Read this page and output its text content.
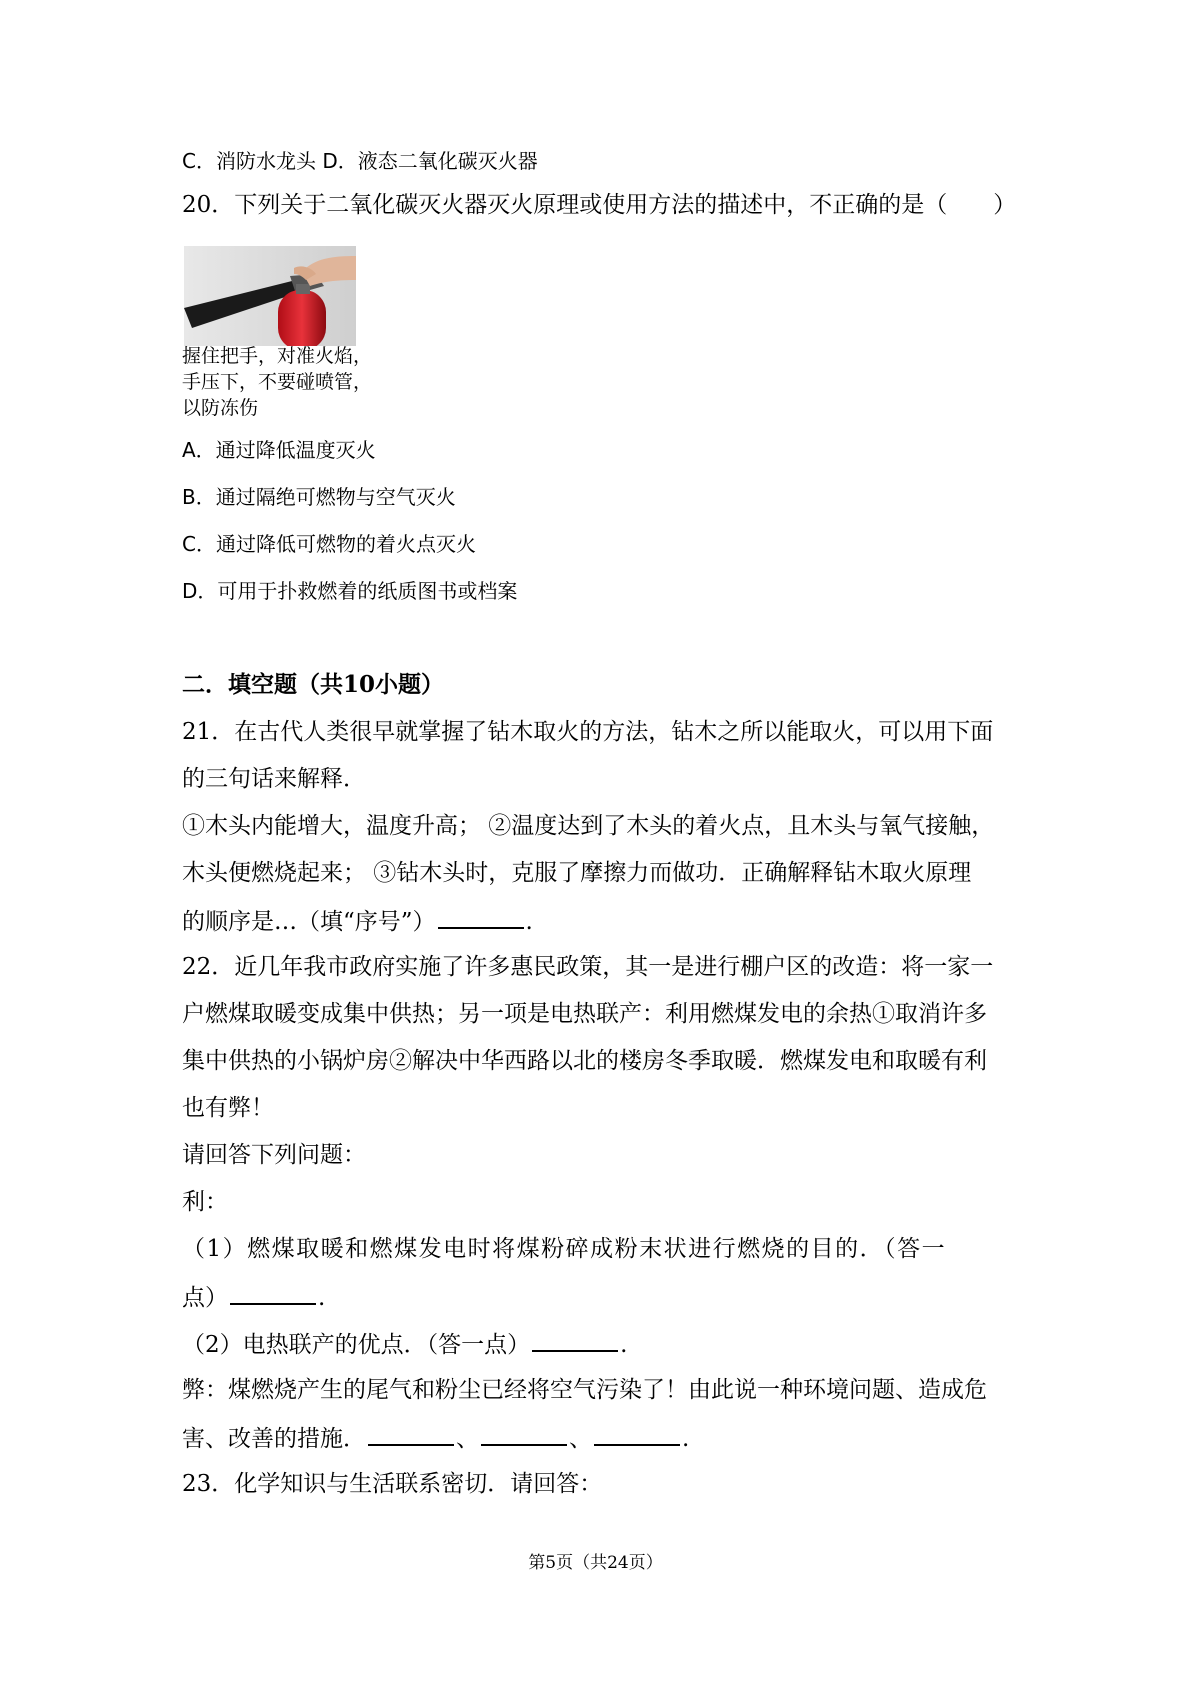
C．消防水龙头 D．液态二氧化碳灭火器
20．下列关于二氧化碳灭火器灭火原理或使用方法的描述中，不正确的是（　　）
握住把手，对准火焰，
手压下，不要碰喷管，
以防冻伤
A．通过降低温度灭火
B．通过隔绝可燃物与空气灭火
C．通过降低可燃物的着火点灭火
D．可用于扑救燃着的纸质图书或档案
二．填空题（共10小题）
21．在古代人类很早就掌握了钻木取火的方法，钻木之所以能取火，可以用下面
的三句话来解释．
①木头内能增大，温度升高； ②温度达到了木头的着火点，且木头与氧气接触，
木头便燃烧起来； ③钻木头时，克服了摩擦力而做功．正确解释钻木取火原理
的顺序是…（填“序号”）	.
22．近几年我市政府实施了许多惠民政策，其一是进行棚户区的改造：将一家一
户燃煤取暖变成集中供热；另一项是电热联产：利用燃煤发电的余热①取消许多
集中供热的小锅炉房②解决中华西路以北的楼房冬季取暖．燃煤发电和取暖有利
也有弊！
请回答下列问题：
利：
（1）燃煤取暖和燃煤发电时将煤粉碎成粉末状进行燃烧的目的．（答一
点）	.
（2）电热联产的优点．（答一点）	.
弊：煤燃烧产生的尾气和粉尘已经将空气污染了！由此说一种环境问题、造成危
害、改善的措施．	、	、	.
23．化学知识与生活联系密切．请回答：
第5页（共24页）
